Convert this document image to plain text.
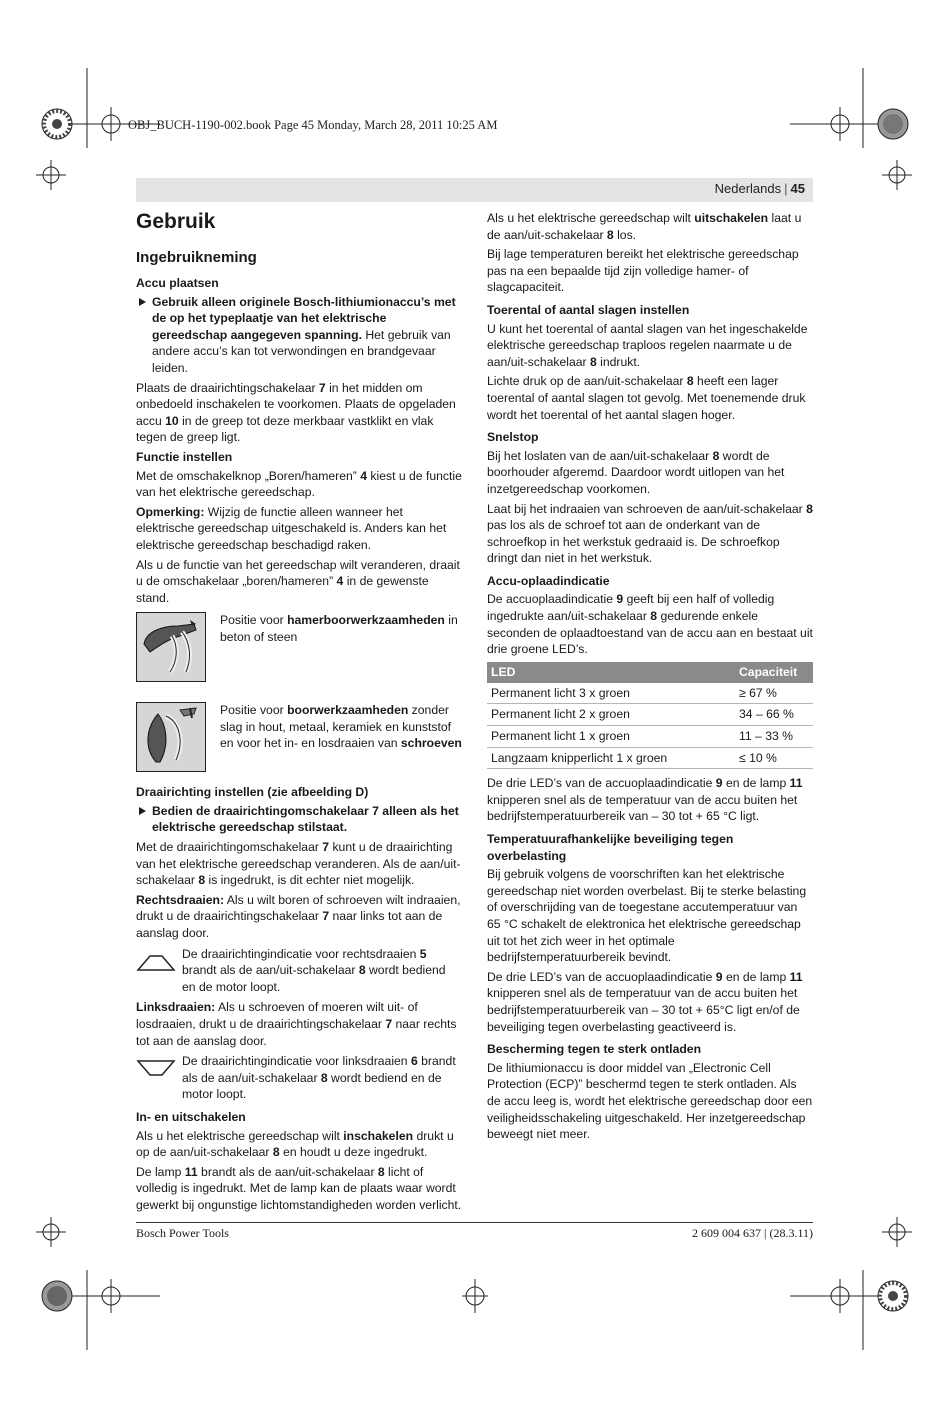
OBJ_BUCH-1190-002.book Page 45 Monday, March 28, 2011 10:25 AM
Nederlands | 45
Gebruik
Ingebruikneming
Accu plaatsen
Gebruik alleen originele Bosch-lithiumionaccu’s met de op het typeplaatje van het elektrische gereedschap aangegeven spanning. Het gebruik van andere accu’s kan tot verwondingen en brandgevaar leiden.

Plaats de draairichtingschakelaar 7 in het midden om onbedoeld inschakelen te voorkomen. Plaats de opgeladen accu 10 in de greep tot deze merkbaar vastklikt en vlak tegen de greep ligt.

Functie instellen

Met de omschakelknop „Boren/hameren” 4 kiest u de functie van het elektrische gereedschap.

Opmerking: Wijzig de functie alleen wanneer het elektrische gereedschap uitgeschakeld is. Anders kan het elektrische gereedschap beschadigd raken.

Als u de functie van het gereedschap wilt veranderen, draait u de omschakelaar „boren/hameren” 4 in de gewenste stand.

Positie voor hamerboorwerkzaamheden in beton of steen
Positie voor boorwerkzaamheden zonder slag in hout, metaal, keramiek en kunststof en voor het in- en losdraaien van schroeven
Draairichting instellen (zie afbeelding D)
Bedien de draairichtingomschakelaar 7 alleen als het elektrische gereedschap stilstaat.

Met de draairichtingomschakelaar 7 kunt u de draairichting van het elektrische gereedschap veranderen. Als de aan/uit-schakelaar 8 is ingedrukt, is dit echter niet mogelijk.

Rechtsdraaien: Als u wilt boren of schroeven wilt indraaien, drukt u de draairichtingschakelaar 7 naar links tot aan de aanslag door.

De draairichtingindicatie voor rechtsdraaien 5 brandt als de aan/uit-schakelaar 8 wordt bediend en de motor loopt.

Linksdraaien: Als u schroeven of moeren wilt uit- of losdraaien, drukt u de draairichtingschakelaar 7 naar rechts tot aan de aanslag door.

De draairichtingindicatie voor linksdraaien 6 brandt als de aan/uit-schakelaar 8 wordt bediend en de motor loopt.
In- en uitschakelen

Als u het elektrische gereedschap wilt inschakelen drukt u op de aan/uit-schakelaar 8 en houdt u deze ingedrukt.

De lamp 11 brandt als de aan/uit-schakelaar 8 licht of volledig is ingedrukt. Met de lamp kan de plaats waar wordt gewerkt bij ongunstige lichtomstandigheden worden verlicht.

Als u het elektrische gereedschap wilt uitschakelen laat u de aan/uit-schakelaar 8 los.

Bij lage temperaturen bereikt het elektrische gereedschap pas na een bepaalde tijd zijn volledige hamer- of slagcapaciteit.

Toerental of aantal slagen instellen

U kunt het toerental of aantal slagen van het ingeschakelde elektrische gereedschap traploos regelen naarmate u de aan/uit-schakelaar 8 indrukt.

Lichte druk op de aan/uit-schakelaar 8 heeft een lager toerental of aantal slagen tot gevolg. Met toenemende druk wordt het toerental of het aantal slagen hoger.

Snelstop

Bij het loslaten van de aan/uit-schakelaar 8 wordt de boorhouder afgeremd. Daardoor wordt uitlopen van het inzetgereedschap voorkomen.

Laat bij het indraaien van schroeven de aan/uit-schakelaar 8 pas los als de schroef tot aan de onderkant van de schroefkop in het werkstuk gedraaid is. De schroefkop dringt dan niet in het werkstuk.

Accu-oplaadindicatie

De accuoplaadindicatie 9 geeft bij een half of volledig ingedrukte aan/uit-schakelaar 8 gedurende enkele seconden de oplaadtoestand van de accu aan en bestaat uit drie groene LED’s.

LED	Capaciteit
Permanent licht 3 x groen	≥ 67 %
Permanent licht 2 x groen	34 – 66 %
Permanent licht 1 x groen	11 – 33 %
Langzaam knipperlicht 1 x groen	≤ 10 %

De drie LED’s van de accuoplaadindicatie 9 en de lamp 11 knipperen snel als de temperatuur van de accu buiten het bedrijfstemperatuurbereik van – 30 tot + 65 °C ligt.

Temperatuurafhankelijke beveiliging tegen overbelasting

Bij gebruik volgens de voorschriften kan het elektrische gereedschap niet worden overbelast. Bij te sterke belasting of overschrijding van de toegestane accutemperatuur van 65 °C schakelt de elektronica het elektrische gereedschap uit tot het zich weer in het optimale bedrijfstemperatuurbereik bevindt.

De drie LED’s van de accuoplaadindicatie 9 en de lamp 11 knipperen snel als de temperatuur van de accu buiten het bedrijfstemperatuurbereik van – 30 tot + 65°C ligt en/of de beveiliging tegen overbelasting geactiveerd is.

Bescherming tegen te sterk ontladen

De lithiumionaccu is door middel van „Electronic Cell Protection (ECP)” beschermd tegen te sterk ontladen. Als de accu leeg is, wordt het elektrische gereedschap door een veiligheidsschakeling uitgeschakeld. Her inzetgereedschap beweegt niet meer.

Bosch Power Tools	2 609 004 637 | (28.3.11)
